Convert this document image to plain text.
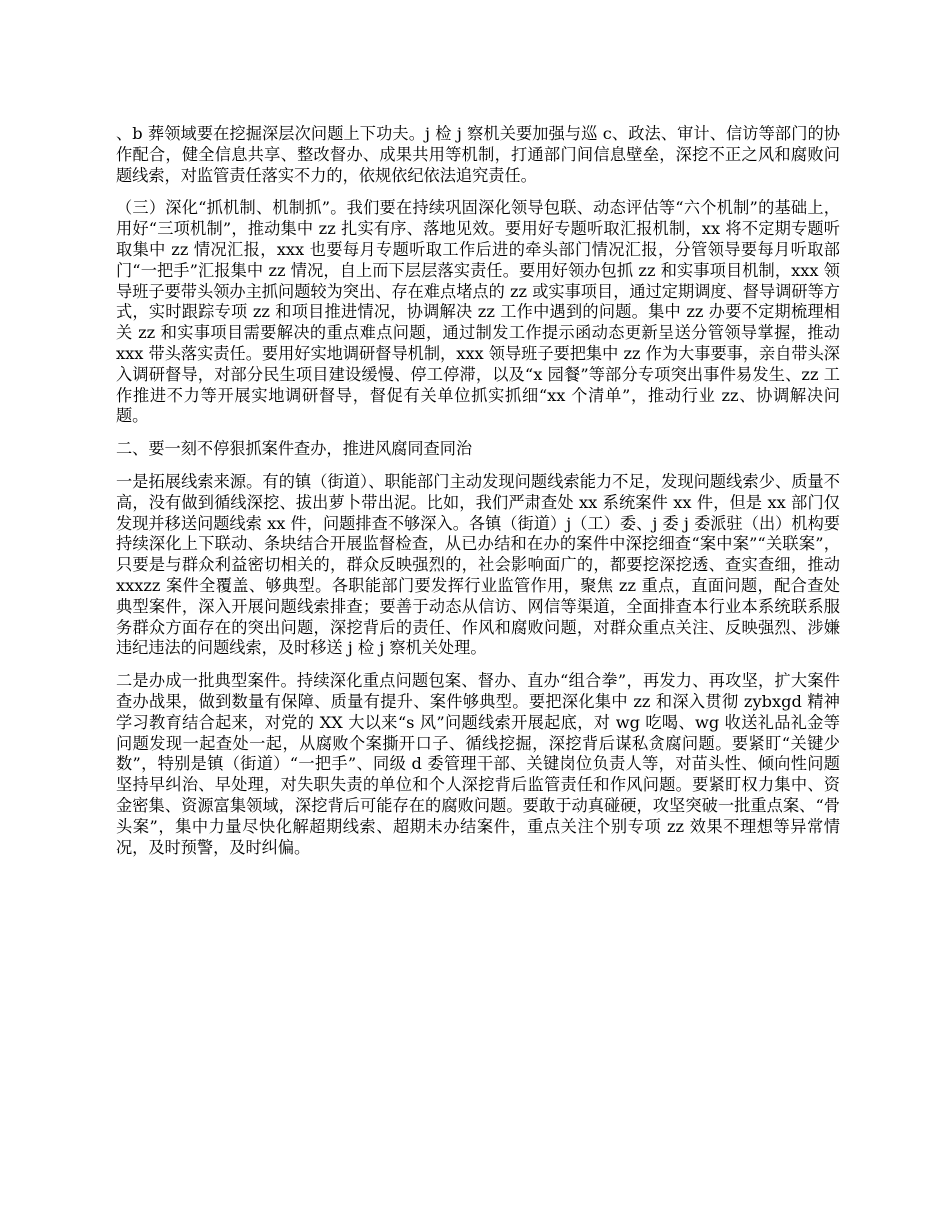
、b 葬领域要在挖掘深层次问题上下功夫。j 检 j 察机关要加强与巡 c、政法、审计、信访等部门的协作配合，健全信息共享、整改督办、成果共用等机制，打通部门间信息壁垒，深挖不正之风和腐败问题线索，对监管责任落实不力的，依规依纪依法追究责任。

（三）深化“抓机制、机制抓”。我们要在持续巩固深化领导包联、动态评估等“六个机制”的基础上，用好“三项机制”，推动集中 zz 扎实有序、落地见效。要用好专题听取汇报机制，xx 将不定期专题听取集中 zz 情况汇报，xxx 也要每月专题听取工作后进的牵头部门情况汇报，分管领导要每月听取部门“一把手”汇报集中 zz 情况，自上而下层层落实责任。要用好领办包抓 zz 和实事项目机制，xxx 领导班子要带头领办主抓问题较为突出、存在难点堵点的 zz 或实事项目，通过定期调度、督导调研等方式，实时跟踪专项 zz 和项目推进情况，协调解决 zz 工作中遇到的问题。集中 zz 办要不定期梳理相关 zz 和实事项目需要解决的重点难点问题，通过制发工作提示函动态更新呈送分管领导掌握，推动 xxx 带头落实责任。要用好实地调研督导机制，xxx 领导班子要把集中 zz 作为大事要事，亲自带头深入调研督导，对部分民生项目建设缓慢、停工停滞，以及“x 园餐”等部分专项突出事件易发生、zz 工作推进不力等开展实地调研督导，督促有关单位抓实抓细“xx 个清单”，推动行业 zz、协调解决问题。

二、要一刻不停狠抓案件查办，推进风腐同查同治

一是拓展线索来源。有的镇（街道）、职能部门主动发现问题线索能力不足，发现问题线索少、质量不高，没有做到循线深挖、拔出萝卜带出泥。比如，我们严肃查处 xx 系统案件 xx 件，但是 xx 部门仅发现并移送问题线索 xx 件，问题排查不够深入。各镇（街道）j（工）委、j 委 j 委派驻（出）机构要持续深化上下联动、条块结合开展监督检查，从已办结和在办的案件中深挖细查“案中案”“关联案”，只要是与群众利益密切相关的，群众反映强烈的，社会影响面广的，都要挖深挖透、查实查细，推动 xxxzz 案件全覆盖、够典型。各职能部门要发挥行业监管作用，聚焦 zz 重点，直面问题，配合查处典型案件，深入开展问题线索排查；要善于动态从信访、网信等渠道，全面排查本行业本系统联系服务群众方面存在的突出问题，深挖背后的责任、作风和腐败问题，对群众重点关注、反映强烈、涉嫌违纪违法的问题线索，及时移送 j 检 j 察机关处理。

二是办成一批典型案件。持续深化重点问题包案、督办、直办“组合拳”，再发力、再攻坚，扩大案件查办战果，做到数量有保障、质量有提升、案件够典型。要把深化集中 zz 和深入贯彻 zybxgd 精神学习教育结合起来，对党的 XX 大以来“s 风”问题线索开展起底，对 wg 吃喝、wg 收送礼品礼金等问题发现一起查处一起，从腐败个案撕开口子、循线挖掘，深挖背后谋私贪腐问题。要紧盯“关键少数”，特别是镇（街道）“一把手”、同级 d 委管理干部、关键岗位负责人等，对苗头性、倾向性问题坚持早纠治、早处理，对失职失责的单位和个人深挖背后监管责任和作风问题。要紧盯权力集中、资金密集、资源富集领域，深挖背后可能存在的腐败问题。要敢于动真碰硬，攻坚突破一批重点案、“骨头案”，集中力量尽快化解超期线索、超期未办结案件，重点关注个别专项 zz 效果不理想等异常情况，及时预警，及时纠偏。
